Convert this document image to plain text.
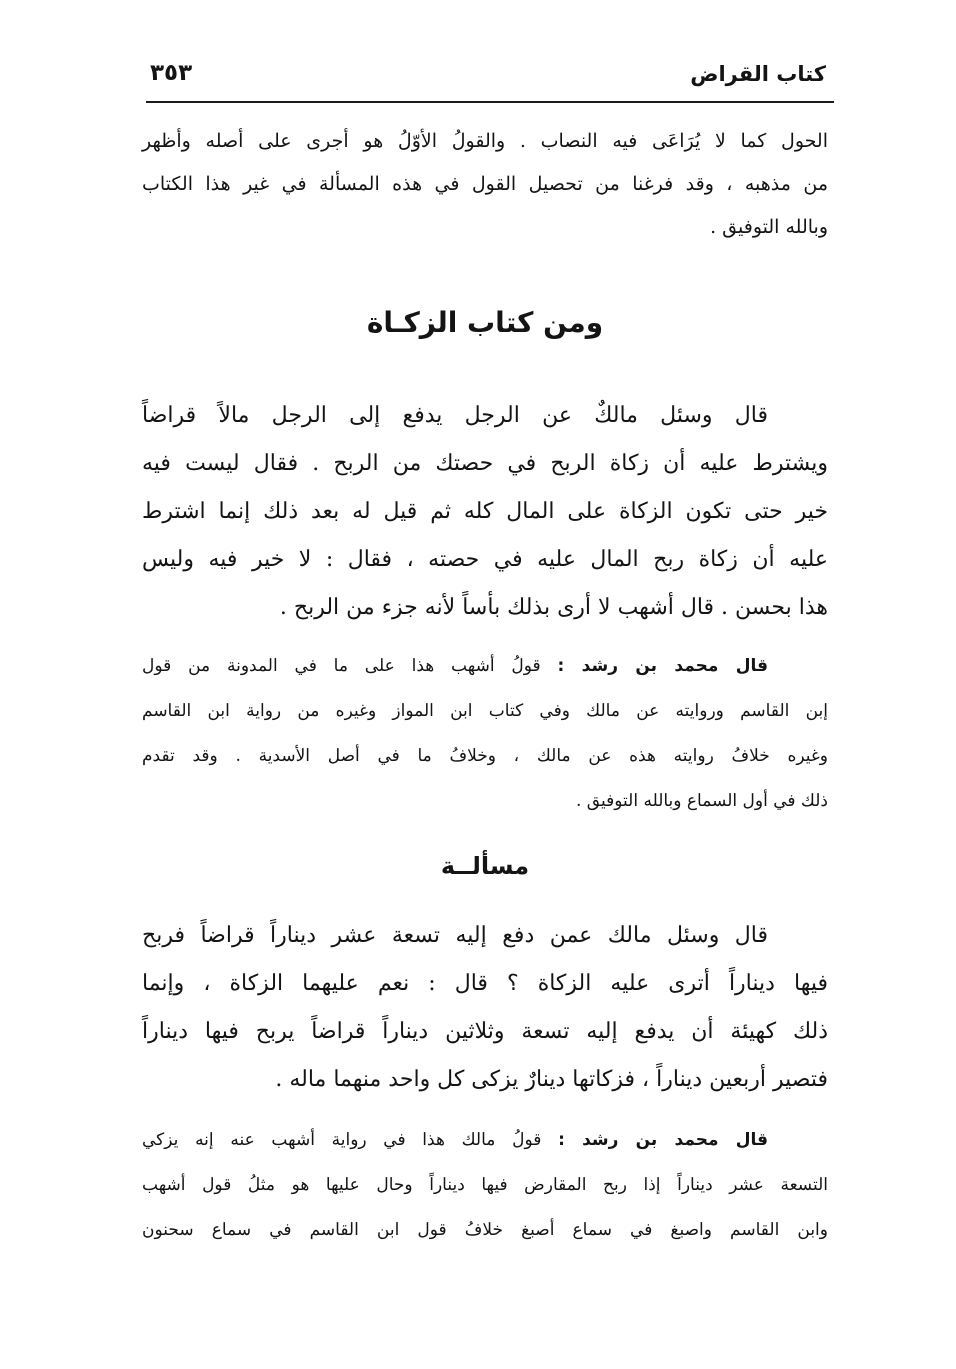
كتاب القراض
٣٥٣
الحول كما لا يُرَاعَى فيه النصاب . والقولُ الأوّلُ هو أجرى على أصله وأظهر
من مذهبه ، وقد فرغنا من تحصيل القول في هذه المسألة في غير هذا الكتاب
وبالله التوفيق .
ومن كتاب الزكـاة
قال وسئل مالكٌ عن الرجل يدفع إلى الرجل مالاً قراضاً
ويشترط عليه أن زكاة الربح في حصتك من الربح . فقال ليست فيه
خير حتى تكون الزكاة على المال كله ثم قيل له بعد ذلك إنما اشترط
عليه أن زكاة ربح المال عليه في حصته ، فقال : لا خير فيه وليس
هذا بحسن . قال أشهب لا أرى بذلك بأساً لأنه جزء من الربح .
قال محمد بن رشد : قولُ أشهب هذا على ما في المدونة من قول
إبن القاسم وروايته عن مالك وفي كتاب ابن المواز وغيره من رواية ابن القاسم
وغيره خلافُ روايته هذه عن مالك ، وخلافُ ما في أصل الأسدية . وقد تقدم
ذلك في أول السماع وبالله التوفيق .
مسألــة
قال وسئل مالك عمن دفع إليه تسعة عشر ديناراً قراضاً فربح
فيها ديناراً أترى عليه الزكاة ؟ قال : نعم عليهما الزكاة ، وإنما
ذلك كهيئة أن يدفع إليه تسعة وثلاثين ديناراً قراضاً يربح فيها ديناراً
فتصير أربعين ديناراً ، فزكاتها دينارٌ يزكى كل واحد منهما ماله .
قال محمد بن رشد : قولُ مالك هذا في رواية أشهب عنه إنه يزكي
التسعة عشر ديناراً إذا ربح المقارض فيها ديناراً وحال عليها هو مثلُ قول أشهب
وابن القاسم واصبغ في سماع أصبغ خلافُ قول ابن القاسم في سماع سحنون
